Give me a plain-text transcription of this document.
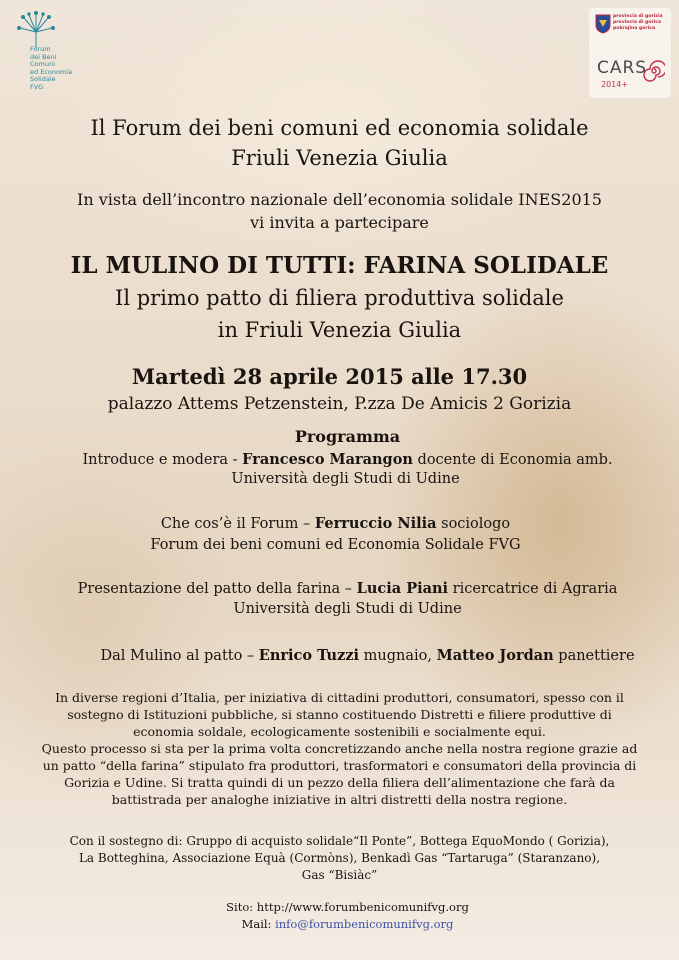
Forum
dei Beni
Comuni
ed Economia
Solidale
FVG
provincia di gorizia
provincia di gorica
pokrajina gorica
CARS
2014+
Il Forum dei beni comuni ed economia solidale
Friuli Venezia Giulia
In vista dell’incontro nazionale dell’economia solidale INES2015
vi invita a partecipare
IL MULINO DI TUTTI: FARINA SOLIDALE
Il primo patto di filiera produttiva solidale
in Friuli Venezia Giulia
Martedì 28 aprile 2015 alle 17.30
palazzo Attems Petzenstein, P.zza De Amicis 2 Gorizia
Programma
Introduce e modera - Francesco Marangon docente di Economia amb.
Università degli Studi di Udine
Che cos’è il Forum – Ferruccio Nilia sociologo
Forum dei beni comuni ed Economia Solidale FVG
Presentazione del patto della farina – Lucia Piani ricercatrice di Agraria
Università degli Studi di Udine
Dal Mulino al patto – Enrico Tuzzi mugnaio, Matteo Jordan panettiere
In diverse regioni d’Italia, per iniziativa di cittadini produttori, consumatori, spesso con il
sostegno di Istituzioni pubbliche, si stanno costituendo Distretti e filiere produttive di
economia soldale, ecologicamente sostenibili e socialmente equi.
Questo processo si sta per la prima volta concretizzando anche nella nostra regione grazie ad
un patto “della farina” stipulato fra produttori, trasformatori e consumatori della provincia di
Gorizia e Udine. Si tratta quindi di un pezzo della filiera dell’alimentazione che farà da
battistrada per analoghe iniziative in altri distretti della nostra regione.
Con il sostegno di: Gruppo di acquisto solidale“Il Ponte”, Bottega EquoMondo ( Gorizia),
La Botteghina, Associazione Equà (Cormòns), Benkadì Gas “Tartaruga” (Staranzano),
Gas “Bisiàc”
Sito: http://www.forumbenicomunifvg.org
Mail: info@forumbenicomunifvg.org
